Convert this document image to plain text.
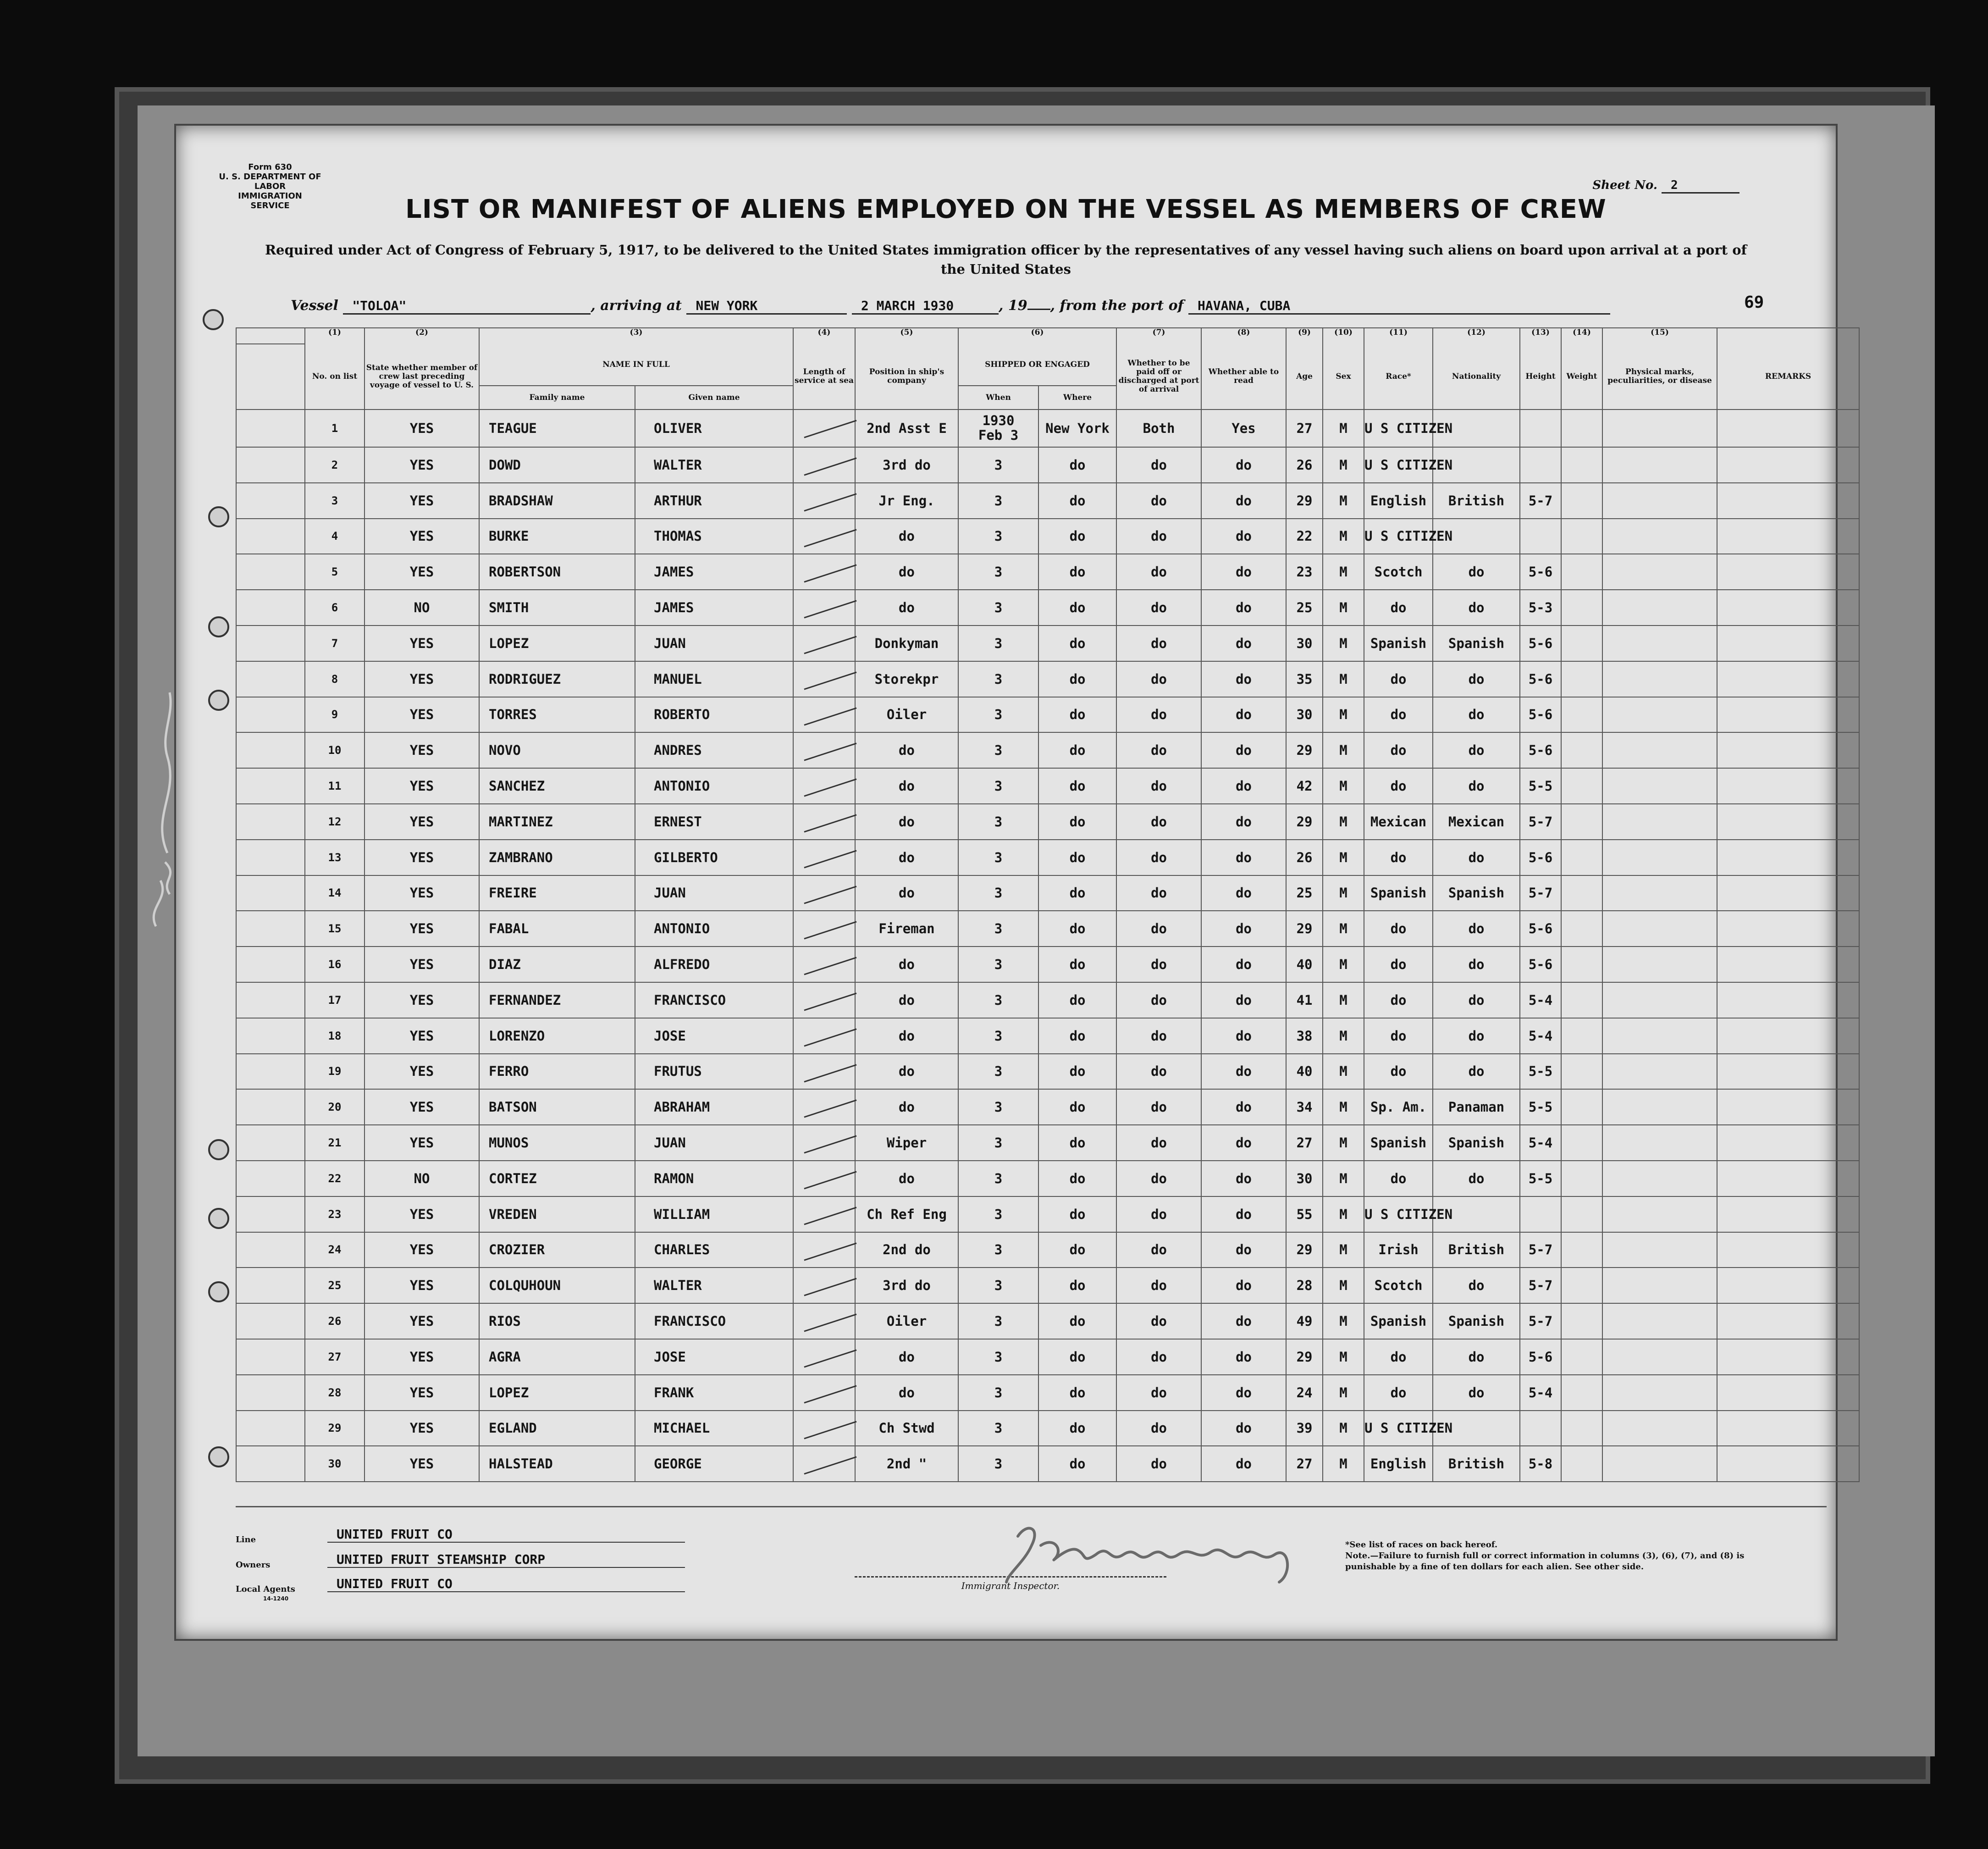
Form 630
U. S. DEPARTMENT OF LABOR
IMMIGRATION SERVICE
Sheet No. 2
LIST OR MANIFEST OF ALIENS EMPLOYED ON THE VESSEL AS MEMBERS OF CREW
Required under Act of Congress of February 5, 1917, to be delivered to the United States immigration officer by the representatives of any vessel having such aliens on board upon arrival at a port of the United States
Vessel "TOLOA"	, arriving at NEW YORK	2 MARCH 1930	, 19 , from the port of HAVANA, CUBA	69
	(1)	(2)	(3)		(4)	(5)	(6)		(7)	(8)	(9)	(10)	(11)	(12)	(13)	(14)	(15)	
	No. on list	State whether member of crew last preceding voyage of vessel to U. S.	NAME IN FULL		Length of service at sea	Position in ship's company	SHIPPED OR ENGAGED		Whether to be paid off or discharged at port of arrival	Whether able to read	Age	Sex	Race*	Nationality	Height	Weight	Physical marks, peculiarities, or disease	REMARKS
			Family name	Given name			When	Where										
	1	YES	TEAGUE	OLIVER		2nd Asst E	1930
Feb 3	New York	Both	Yes	27	M	U S CITIZEN					
	2	YES	DOWD	WALTER		3rd do	3	do	do	do	26	M	U S CITIZEN					
	3	YES	BRADSHAW	ARTHUR		Jr Eng.	3	do	do	do	29	M	English	British	5-7			
	4	YES	BURKE	THOMAS		do	3	do	do	do	22	M	U S CITIZEN					
	5	YES	ROBERTSON	JAMES		do	3	do	do	do	23	M	Scotch	do	5-6			
	6	NO	SMITH	JAMES		do	3	do	do	do	25	M	do	do	5-3			
	7	YES	LOPEZ	JUAN		Donkyman	3	do	do	do	30	M	Spanish	Spanish	5-6			
	8	YES	RODRIGUEZ	MANUEL		Storekpr	3	do	do	do	35	M	do	do	5-6			
	9	YES	TORRES	ROBERTO		Oiler	3	do	do	do	30	M	do	do	5-6			
	10	YES	NOVO	ANDRES		do	3	do	do	do	29	M	do	do	5-6			
	11	YES	SANCHEZ	ANTONIO		do	3	do	do	do	42	M	do	do	5-5			
	12	YES	MARTINEZ	ERNEST		do	3	do	do	do	29	M	Mexican	Mexican	5-7			
	13	YES	ZAMBRANO	GILBERTO		do	3	do	do	do	26	M	do	do	5-6			
	14	YES	FREIRE	JUAN		do	3	do	do	do	25	M	Spanish	Spanish	5-7			
	15	YES	FABAL	ANTONIO		Fireman	3	do	do	do	29	M	do	do	5-6			
	16	YES	DIAZ	ALFREDO		do	3	do	do	do	40	M	do	do	5-6			
	17	YES	FERNANDEZ	FRANCISCO		do	3	do	do	do	41	M	do	do	5-4			
	18	YES	LORENZO	JOSE		do	3	do	do	do	38	M	do	do	5-4			
	19	YES	FERRO	FRUTUS		do	3	do	do	do	40	M	do	do	5-5			
	20	YES	BATSON	ABRAHAM		do	3	do	do	do	34	M	Sp. Am.	Panaman	5-5			
	21	YES	MUNOS	JUAN		Wiper	3	do	do	do	27	M	Spanish	Spanish	5-4			
	22	NO	CORTEZ	RAMON		do	3	do	do	do	30	M	do	do	5-5			
	23	YES	VREDEN	WILLIAM		Ch Ref Eng	3	do	do	do	55	M	U S CITIZEN					
	24	YES	CROZIER	CHARLES		2nd do	3	do	do	do	29	M	Irish	British	5-7			
	25	YES	COLQUHOUN	WALTER		3rd do	3	do	do	do	28	M	Scotch	do	5-7			
	26	YES	RIOS	FRANCISCO		Oiler	3	do	do	do	49	M	Spanish	Spanish	5-7			
	27	YES	AGRA	JOSE		do	3	do	do	do	29	M	do	do	5-6			
	28	YES	LOPEZ	FRANK		do	3	do	do	do	24	M	do	do	5-4			
	29	YES	EGLAND	MICHAEL		Ch Stwd	3	do	do	do	39	M	U S CITIZEN					
	30	YES	HALSTEAD	GEORGE		2nd "	3	do	do	do	27	M	English	British	5-8			
Line	UNITED FRUIT CO
Owners	UNITED FRUIT STEAMSHIP CORP
Local Agents	UNITED FRUIT CO
14-1240
Immigrant Inspector.
*See list of races on back hereof.
Note.—Failure to furnish full or correct information in columns (3), (6), (7), and (8) is punishable by a fine of ten dollars for each alien. See other side.
